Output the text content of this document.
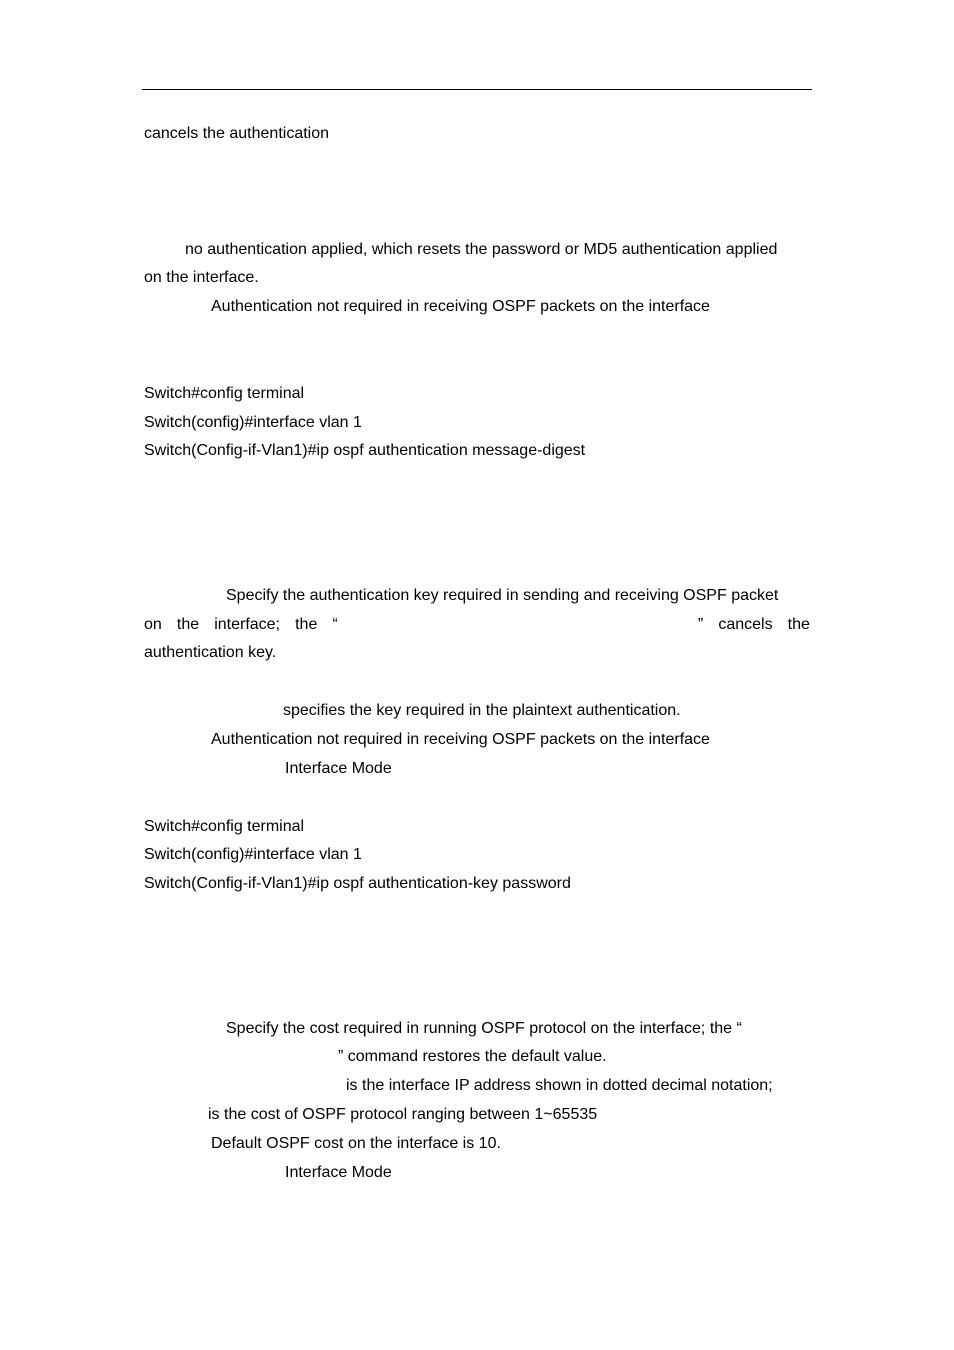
cancels the authentication

no authentication applied, which resets the password or MD5 authentication applied

on the interface.

Authentication not required in receiving OSPF packets on the interface

Switch#config terminal

Switch(config)#interface vlan 1

Switch(Config-if-Vlan1)#ip ospf authentication message-digest

Specify the authentication key required in sending and receiving OSPF packet

on the interface; the “	” cancels the

authentication key.

specifies the key required in the plaintext authentication.

Authentication not required in receiving OSPF packets on the interface

Interface Mode

Switch#config terminal

Switch(config)#interface vlan 1

Switch(Config-if-Vlan1)#ip ospf authentication-key password

Specify the cost required in running OSPF protocol on the interface; the “

” command restores the default value.

is the interface IP address shown in dotted decimal notation;

is the cost of OSPF protocol ranging between 1~65535

Default OSPF cost on the interface is 10.

Interface Mode
